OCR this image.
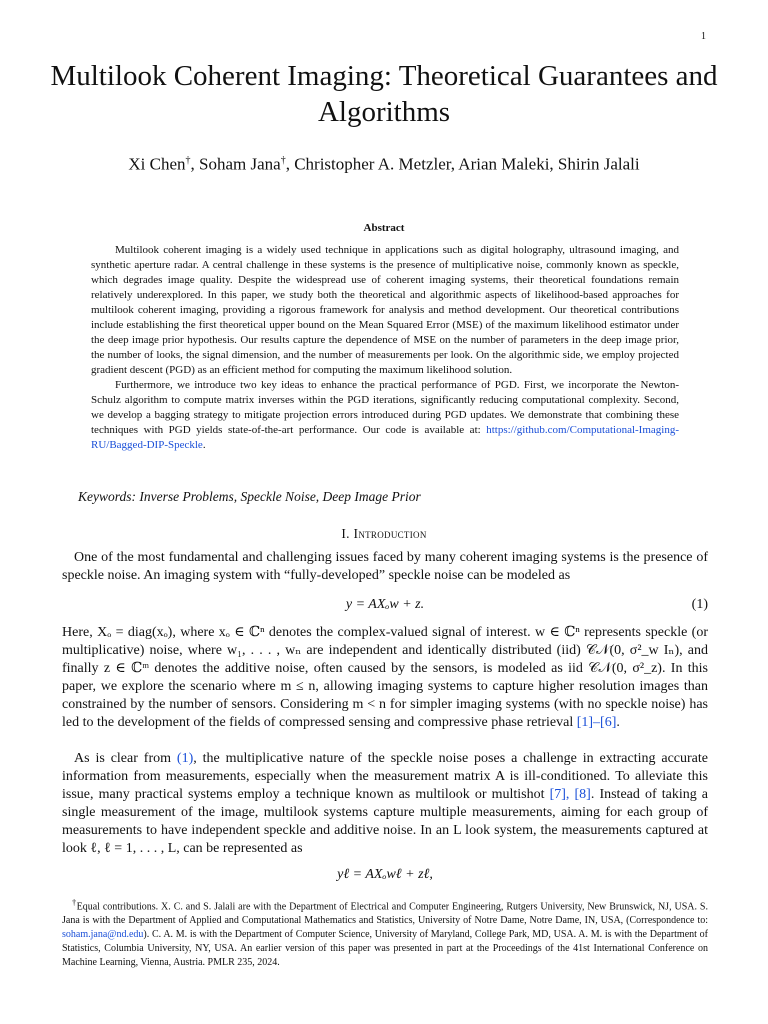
1
Multilook Coherent Imaging: Theoretical Guarantees and Algorithms
Xi Chen†, Soham Jana†, Christopher A. Metzler, Arian Maleki, Shirin Jalali
Abstract

Multilook coherent imaging is a widely used technique in applications such as digital holography, ultrasound imaging, and synthetic aperture radar. A central challenge in these systems is the presence of multiplicative noise, commonly known as speckle, which degrades image quality. Despite the widespread use of coherent imaging systems, their theoretical foundations remain relatively underexplored. In this paper, we study both the theoretical and algorithmic aspects of likelihood-based approaches for multilook coherent imaging, providing a rigorous framework for analysis and method development. Our theoretical contributions include establishing the first theoretical upper bound on the Mean Squared Error (MSE) of the maximum likelihood estimator under the deep image prior hypothesis. Our results capture the dependence of MSE on the number of parameters in the deep image prior, the number of looks, the signal dimension, and the number of measurements per look. On the algorithmic side, we employ projected gradient descent (PGD) as an efficient method for computing the maximum likelihood solution.

Furthermore, we introduce two key ideas to enhance the practical performance of PGD. First, we incorporate the Newton-Schulz algorithm to compute matrix inverses within the PGD iterations, significantly reducing computational complexity. Second, we develop a bagging strategy to mitigate projection errors introduced during PGD updates. We demonstrate that combining these techniques with PGD yields state-of-the-art performance. Our code is available at: https://github.com/Computational-Imaging-RU/Bagged-DIP-Speckle.

Keywords: Inverse Problems, Speckle Noise, Deep Image Prior
I. Introduction

One of the most fundamental and challenging issues faced by many coherent imaging systems is the presence of speckle noise. An imaging system with “fully-developed” speckle noise can be modeled as

y = AXₒw + z.	(1)

Here, Xₒ = diag(xₒ), where xₒ ∈ ℂⁿ denotes the complex-valued signal of interest. w ∈ ℂⁿ represents speckle (or multiplicative) noise, where w₁, . . . , wₙ are independent and identically distributed (iid) 𝒞𝒩(0, σ²_w Iₙ), and finally z ∈ ℂᵐ denotes the additive noise, often caused by the sensors, is modeled as iid 𝒞𝒩(0, σ²_z). In this paper, we explore the scenario where m ≤ n, allowing imaging systems to capture higher resolution images than constrained by the number of sensors. Considering m < n for simpler imaging systems (with no speckle noise) has led to the development of the fields of compressed sensing and compressive phase retrieval [1]–[6].

As is clear from (1), the multiplicative nature of the speckle noise poses a challenge in extracting accurate information from measurements, especially when the measurement matrix A is ill-conditioned. To alleviate this issue, many practical systems employ a technique known as multilook or multishot [7], [8]. Instead of taking a single measurement of the image, multilook systems capture multiple measurements, aiming for each group of measurements to have independent speckle and additive noise. In an L look system, the measurements captured at look ℓ, ℓ = 1, . . . , L, can be represented as

yℓ = AXₒwℓ + zℓ,

†Equal contributions. X. C. and S. Jalali are with the Department of Electrical and Computer Engineering, Rutgers University, New Brunswick, NJ, USA. S. Jana is with the Department of Applied and Computational Mathematics and Statistics, University of Notre Dame, Notre Dame, IN, USA, (Correspondence to: soham.jana@nd.edu). C. A. M. is with the Department of Computer Science, University of Maryland, College Park, MD, USA. A. M. is with the Department of Statistics, Columbia University, NY, USA. An earlier version of this paper was presented in part at the Proceedings of the 41st International Conference on Machine Learning, Vienna, Austria. PMLR 235, 2024.
